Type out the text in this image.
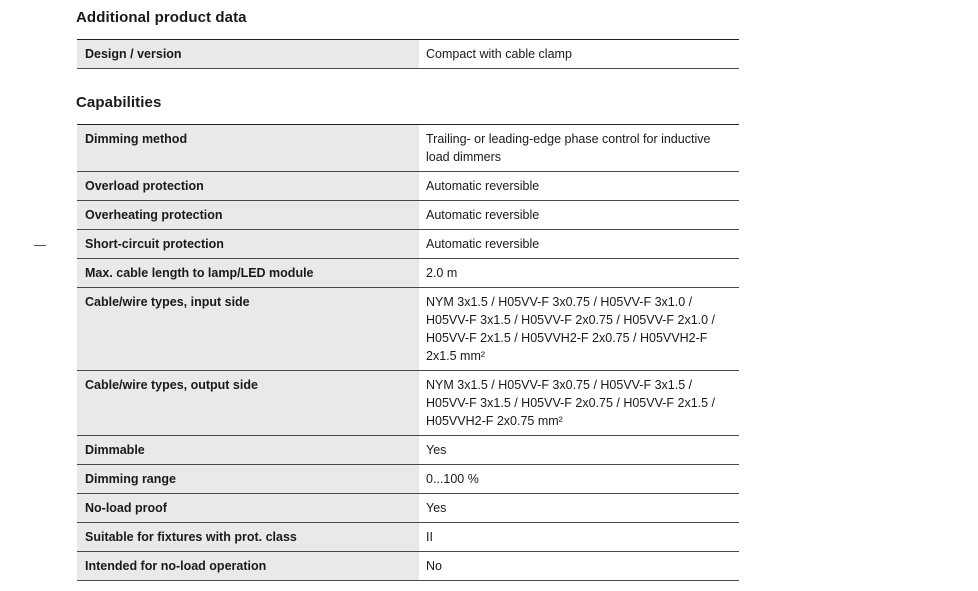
Additional product data
Design / version	Compact with cable clamp
Capabilities
Dimming method	Trailing- or leading-edge phase control for inductive load dimmers
Overload protection	Automatic reversible
Overheating protection	Automatic reversible
Short-circuit protection	Automatic reversible
Max. cable length to lamp/LED module	2.0 m
Cable/wire types, input side	NYM 3x1.5 / H05VV-F 3x0.75 / H05VV-F 3x1.0 / H05VV-F 3x1.5 / H05VV-F 2x0.75 / H05VV-F 2x1.0 / H05VV-F 2x1.5 / H05VVH2-F 2x0.75 / H05VVH2-F 2x1.5 mm²
Cable/wire types, output side	NYM 3x1.5 / H05VV-F 3x0.75 / H05VV-F 3x1.5 / H05VV-F 3x1.5 / H05VV-F 2x0.75 / H05VV-F 2x1.5 / H05VVH2-F 2x0.75 mm²
Dimmable	Yes
Dimming range	0...100 %
No-load proof	Yes
Suitable for fixtures with prot. class	II
Intended for no-load operation	No
